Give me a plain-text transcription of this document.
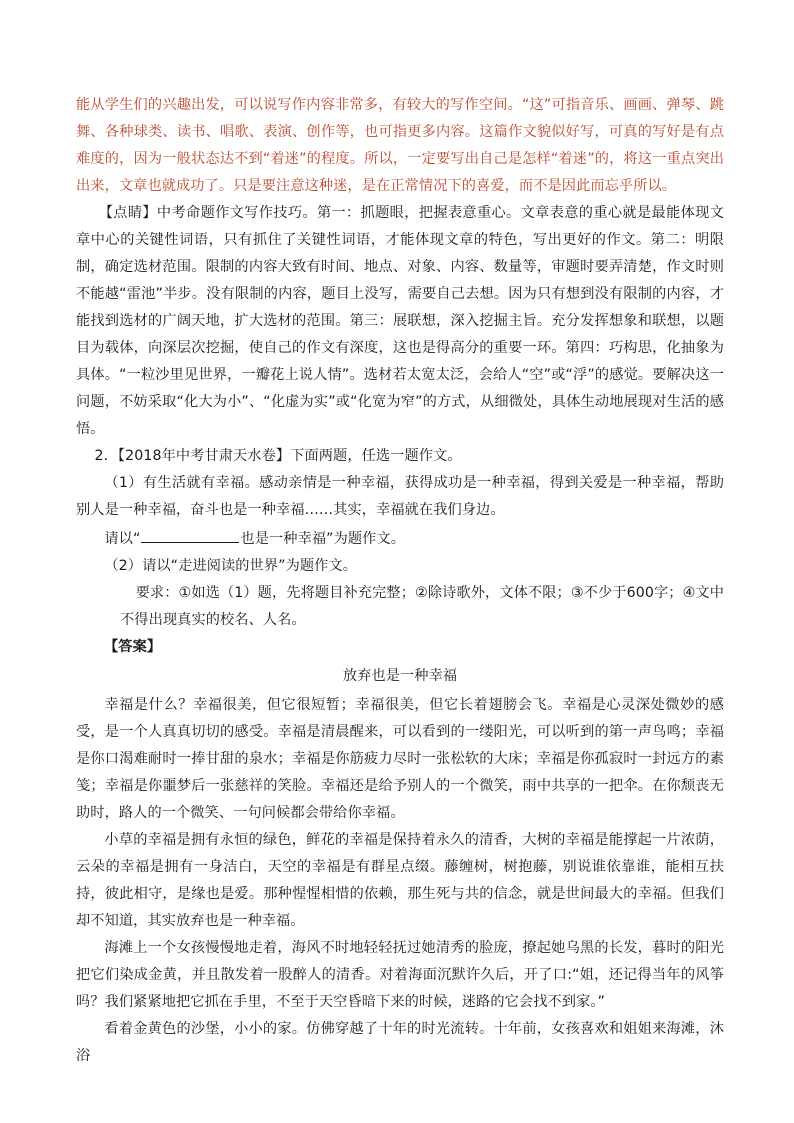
能从学生们的兴趣出发，可以说写作内容非常多，有较大的写作空间。“这”可指音乐、画画、弹琴、跳舞、各种球类、读书、唱歌、表演、创作等，也可指更多内容。这篇作文貌似好写，可真的写好是有点难度的，因为一般状态达不到“着迷”的程度。所以，一定要写出自己是怎样“着迷”的，将这一重点突出出来，文章也就成功了。只是要注意这种迷，是在正常情况下的喜爱，而不是因此而忘乎所以。

【点睛】中考命题作文写作技巧。第一：抓题眼，把握表意重心。文章表意的重心就是最能体现文章中心的关键性词语，只有抓住了关键性词语，才能体现文章的特色，写出更好的作文。第二：明限制，确定选材范围。限制的内容大致有时间、地点、对象、内容、数量等，审题时要弄清楚，作文时则不能越“雷池”半步。没有限制的内容，题目上没写，需要自己去想。因为只有想到没有限制的内容，才能找到选材的广阔天地，扩大选材的范围。第三：展联想，深入挖掘主旨。充分发挥想象和联想，以题目为载体，向深层次挖掘，使自己的作文有深度，这也是得高分的重要一环。第四：巧构思，化抽象为具体。“一粒沙里见世界，一瓣花上说人情”。选材若太宽太泛，会给人“空”或“浮”的感觉。要解决这一问题，不妨采取“化大为小”、“化虚为实”或“化宽为窄”的方式，从细微处，具体生动地展现对生活的感悟。

2．【2018年中考甘肃天水卷】下面两题，任选一题作文。

（1）有生活就有幸福。感动亲情是一种幸福，获得成功是一种幸福，得到关爱是一种幸福，帮助别人是一种幸福，奋斗也是一种幸福……其实，幸福就在我们身边。

请以“	也是一种幸福”为题作文。

（2）请以“走进阅读的世界”为题作文。

要求：①如选（1）题，先将题目补充完整；②除诗歌外，文体不限；③不少于600字；④文中不得出现真实的校名、人名。

【答案】

放弃也是一种幸福

幸福是什么？幸福很美，但它很短暂；幸福很美，但它长着翅膀会飞。幸福是心灵深处微妙的感受，是一个人真真切切的感受。幸福是清晨醒来，可以看到的一缕阳光，可以听到的第一声鸟鸣；幸福是你口渴难耐时一捧甘甜的泉水；幸福是你筋疲力尽时一张松软的大床；幸福是你孤寂时一封远方的素笺；幸福是你噩梦后一张慈祥的笑脸。幸福还是给予别人的一个微笑，雨中共享的一把伞。在你颓丧无助时，路人的一个微笑、一句问候都会带给你幸福。

小草的幸福是拥有永恒的绿色，鲜花的幸福是保持着永久的清香，大树的幸福是能撑起一片浓荫，云朵的幸福是拥有一身洁白，天空的幸福是有群星点缀。藤缠树，树抱藤，别说谁依靠谁，能相互扶持，彼此相守，是缘也是爱。那种惺惺相惜的依赖，那生死与共的信念，就是世间最大的幸福。但我们却不知道，其实放弃也是一种幸福。

海滩上一个女孩慢慢地走着，海风不时地轻轻抚过她清秀的脸庞，撩起她乌黑的长发，暮时的阳光把它们染成金黄，并且散发着一股醉人的清香。对着海面沉默许久后，开了口:“姐，还记得当年的风筝吗？我们紧紧地把它抓在手里，不至于天空昏暗下来的时候，迷路的它会找不到家。”

看着金黄色的沙堡，小小的家。仿佛穿越了十年的时光流转。十年前，女孩喜欢和姐姐来海滩，沐浴
